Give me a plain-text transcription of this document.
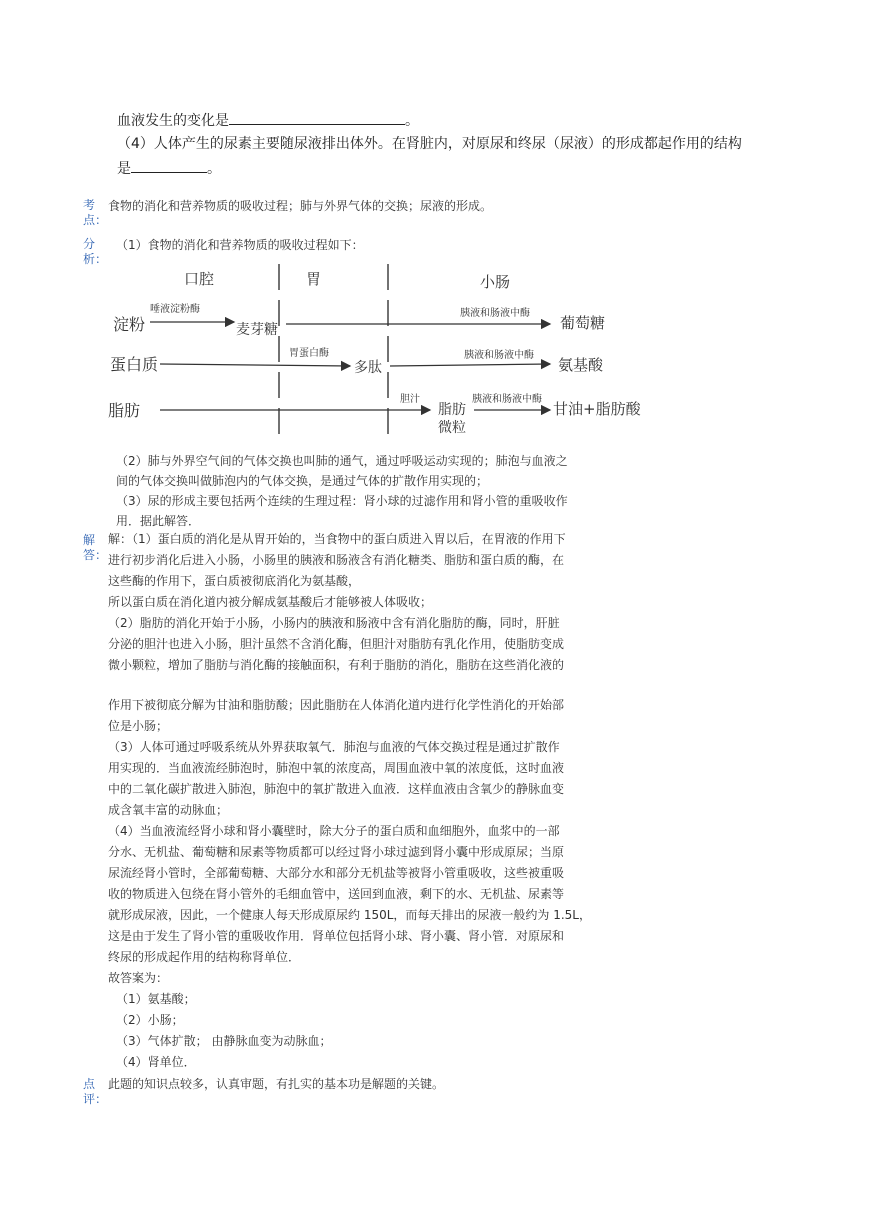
血液发生的变化是	。
（4）人体产生的尿素主要随尿液排出体外。在肾脏内，对原尿和终尿（尿液）的形成都起作用的结构
是	。
考
点：
食物的消化和营养物质的吸收过程；肺与外界气体的交换；尿液的形成。
分
析：
（1）食物的消化和营养物质的吸收过程如下：
口腔	胃	小肠
淀粉
唾液淀粉酶
麦芽糖
胰液和肠液中酶
葡萄糖
蛋白质
胃蛋白酶
多肽
胰液和肠液中酶
氨基酸
脂肪
胆汁
脂肪
微粒
胰液和肠液中酶
甘油+脂肪酸
（2）肺与外界空气间的气体交换也叫肺的通气，通过呼吸运动实现的；肺泡与血液之
间的气体交换叫做肺泡内的气体交换，是通过气体的扩散作用实现的；
（3）尿的形成主要包括两个连续的生理过程：肾小球的过滤作用和肾小管的重吸收作
用．据此解答．
解
答：
解：（1）蛋白质的消化是从胃开始的，当食物中的蛋白质进入胃以后，在胃液的作用下
进行初步消化后进入小肠，小肠里的胰液和肠液含有消化糖类、脂肪和蛋白质的酶，在
这些酶的作用下，蛋白质被彻底消化为氨基酸，
所以蛋白质在消化道内被分解成氨基酸后才能够被人体吸收；
（2）脂肪的消化开始于小肠，小肠内的胰液和肠液中含有消化脂肪的酶，同时，肝脏
分泌的胆汁也进入小肠，胆汁虽然不含消化酶，但胆汁对脂肪有乳化作用，使脂肪变成
微小颗粒，增加了脂肪与消化酶的接触面积，有利于脂肪的消化，脂肪在这些消化液的
作用下被彻底分解为甘油和脂肪酸；因此脂肪在人体消化道内进行化学性消化的开始部
位是小肠；
（3）人体可通过呼吸系统从外界获取氧气．肺泡与血液的气体交换过程是通过扩散作
用实现的．当血液流经肺泡时，肺泡中氧的浓度高，周围血液中氧的浓度低，这时血液
中的二氧化碳扩散进入肺泡，肺泡中的氧扩散进入血液．这样血液由含氧少的静脉血变
成含氧丰富的动脉血；
（4）当血液流经肾小球和肾小囊壁时，除大分子的蛋白质和血细胞外，血浆中的一部
分水、无机盐、葡萄糖和尿素等物质都可以经过肾小球过滤到肾小囊中形成原尿；当原
尿流经肾小管时，全部葡萄糖、大部分水和部分无机盐等被肾小管重吸收，这些被重吸
收的物质进入包绕在肾小管外的毛细血管中，送回到血液，剩下的水、无机盐、尿素等
就形成尿液，因此，一个健康人每天形成原尿约 150L，而每天排出的尿液一般约为 1.5L，
这是由于发生了肾小管的重吸收作用．肾单位包括肾小球、肾小囊、肾小管．对原尿和
终尿的形成起作用的结构称肾单位．
故答案为：
（1）氨基酸；
（2）小肠；
（3）气体扩散； 由静脉血变为动脉血；
（4）肾单位．
点
评：
此题的知识点较多，认真审题，有扎实的基本功是解题的关键。
